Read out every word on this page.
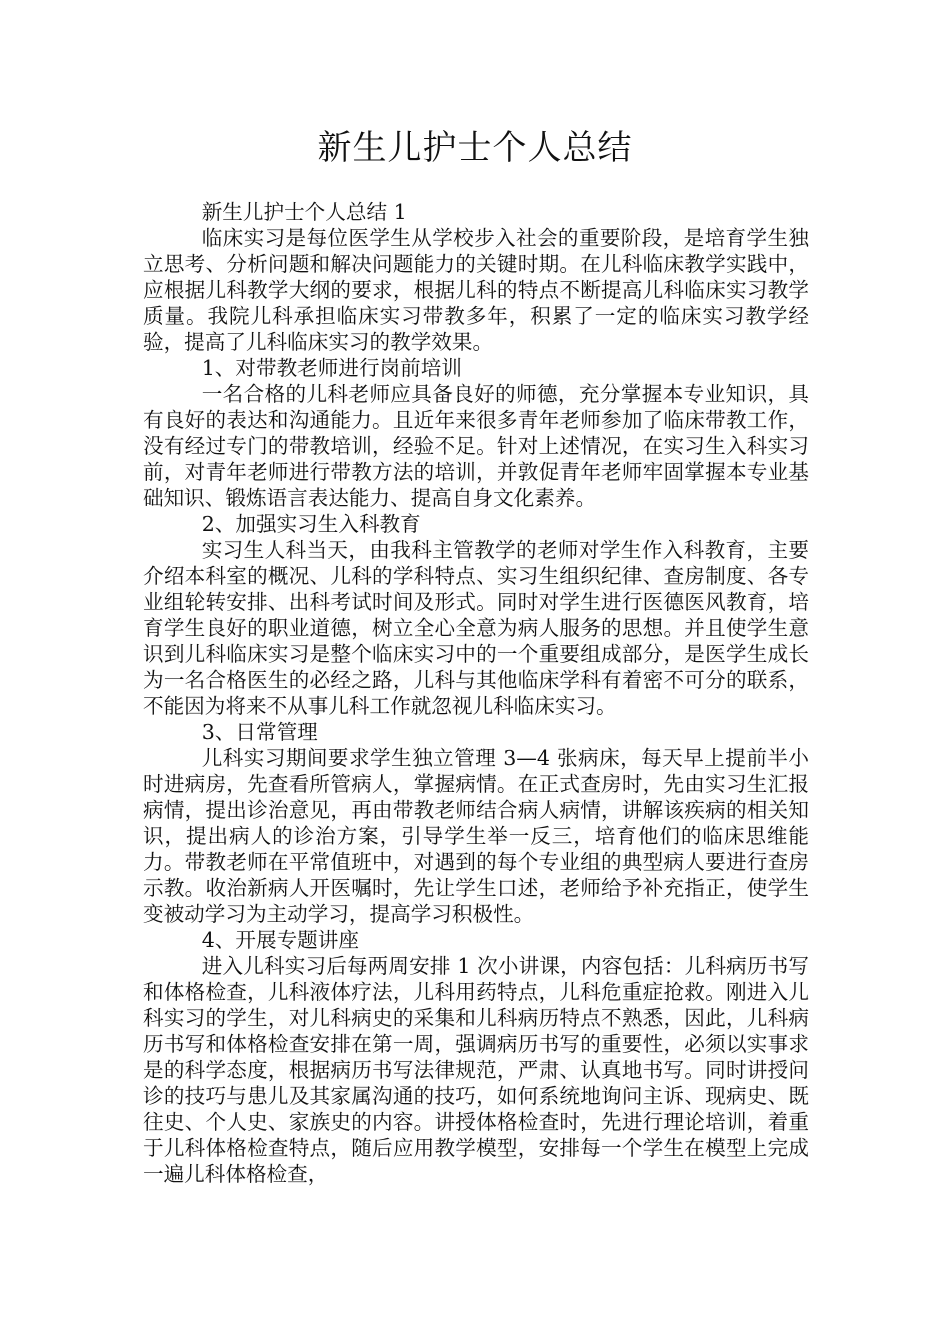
新生儿护士个人总结

新生儿护士个人总结 1

临床实习是每位医学生从学校步入社会的重要阶段，是培育学生独立思考、分析问题和解决问题能力的关键时期。在儿科临床教学实践中，应根据儿科教学大纲的要求，根据儿科的特点不断提高儿科临床实习教学质量。我院儿科承担临床实习带教多年，积累了一定的临床实习教学经验，提高了儿科临床实习的教学效果。

1、对带教老师进行岗前培训

一名合格的儿科老师应具备良好的师德，充分掌握本专业知识，具有良好的表达和沟通能力。且近年来很多青年老师参加了临床带教工作，没有经过专门的带教培训，经验不足。针对上述情况，在实习生入科实习前，对青年老师进行带教方法的培训，并敦促青年老师牢固掌握本专业基础知识、锻炼语言表达能力、提高自身文化素养。

2、加强实习生入科教育

实习生人科当天，由我科主管教学的老师对学生作入科教育，主要介绍本科室的概况、儿科的学科特点、实习生组织纪律、查房制度、各专业组轮转安排、出科考试时间及形式。同时对学生进行医德医风教育，培育学生良好的职业道德，树立全心全意为病人服务的思想。并且使学生意识到儿科临床实习是整个临床实习中的一个重要组成部分，是医学生成长为一名合格医生的必经之路，儿科与其他临床学科有着密不可分的联系，不能因为将来不从事儿科工作就忽视儿科临床实习。

3、日常管理

儿科实习期间要求学生独立管理 3—4 张病床，每天早上提前半小时进病房，先查看所管病人，掌握病情。在正式查房时，先由实习生汇报病情，提出诊治意见，再由带教老师结合病人病情，讲解该疾病的相关知识，提出病人的诊治方案，引导学生举一反三，培育他们的临床思维能力。带教老师在平常值班中，对遇到的每个专业组的典型病人要进行查房示教。收治新病人开医嘱时，先让学生口述，老师给予补充指正，使学生变被动学习为主动学习，提高学习积极性。

4、开展专题讲座

进入儿科实习后每两周安排 1 次小讲课，内容包括：儿科病历书写和体格检查，儿科液体疗法，儿科用药特点，儿科危重症抢救。刚进入儿科实习的学生，对儿科病史的采集和儿科病历特点不熟悉，因此，儿科病历书写和体格检查安排在第一周，强调病历书写的重要性，必须以实事求是的科学态度，根据病历书写法律规范，严肃、认真地书写。同时讲授问诊的技巧与患儿及其家属沟通的技巧，如何系统地询问主诉、现病史、既往史、个人史、家族史的内容。讲授体格检查时，先进行理论培训，着重于儿科体格检查特点，随后应用教学模型，安排每一个学生在模型上完成一遍儿科体格检查，
